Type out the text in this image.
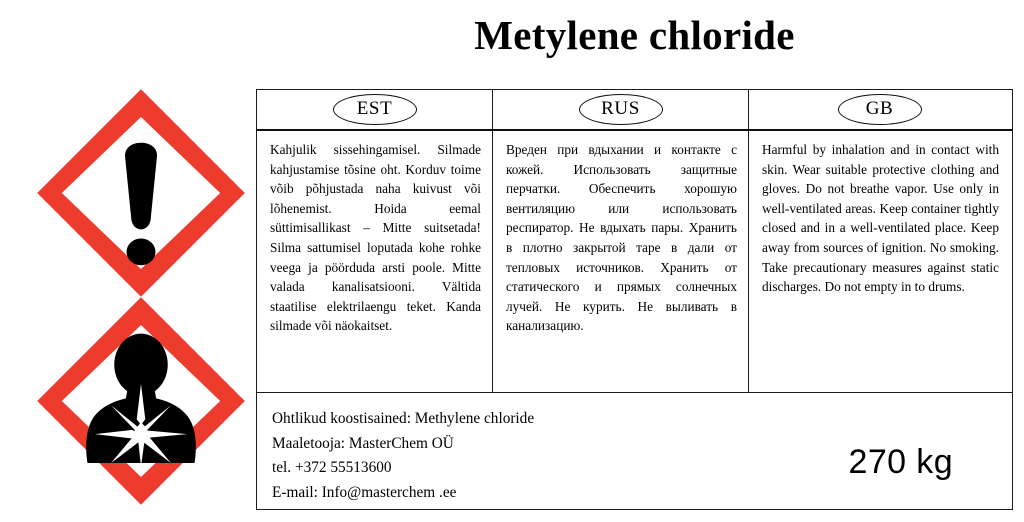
Metylene chloride
EST	RUS	GB
Kahjulik sissehingamisel. Silmade kahjustamise tõsine oht. Korduv toime võib põhjustada naha kuivust või lõhenemist. Hoida eemal süttimisallikast – Mitte suitsetada! Silma sattumisel loputada kohe rohke veega ja pöörduda arsti poole. Mitte valada kanalisatsiooni. Vältida staatilise elektrilaengu teket. Kanda silmade või näokaitset.
Вреден при вдыхании и контакте с кожей. Использовать защитные перчатки. Обеспечить хорошую вентиляцию или использовать респиратор. Не вдыхать пары. Хранить в плотно закрытой таре в дали от тепловых источников. Хранить от статического и прямых солнечных лучей. Не курить. Не выливать в канализацию.
Harmful by inhalation and in contact with skin. Wear suitable protective clothing and gloves. Do not breathe vapor. Use only in well-ventilated areas. Keep container tightly closed and in a well-ventilated place. Keep away from sources of ignition. No smoking. Take precautionary measures against static discharges. Do not empty in to drums.
Ohtlikud koostisained: Methylene chloride
Maaletooja: MasterChem OÜ
tel. +372 55513600
E-mail: Info@masterchem .ee
270 kg
